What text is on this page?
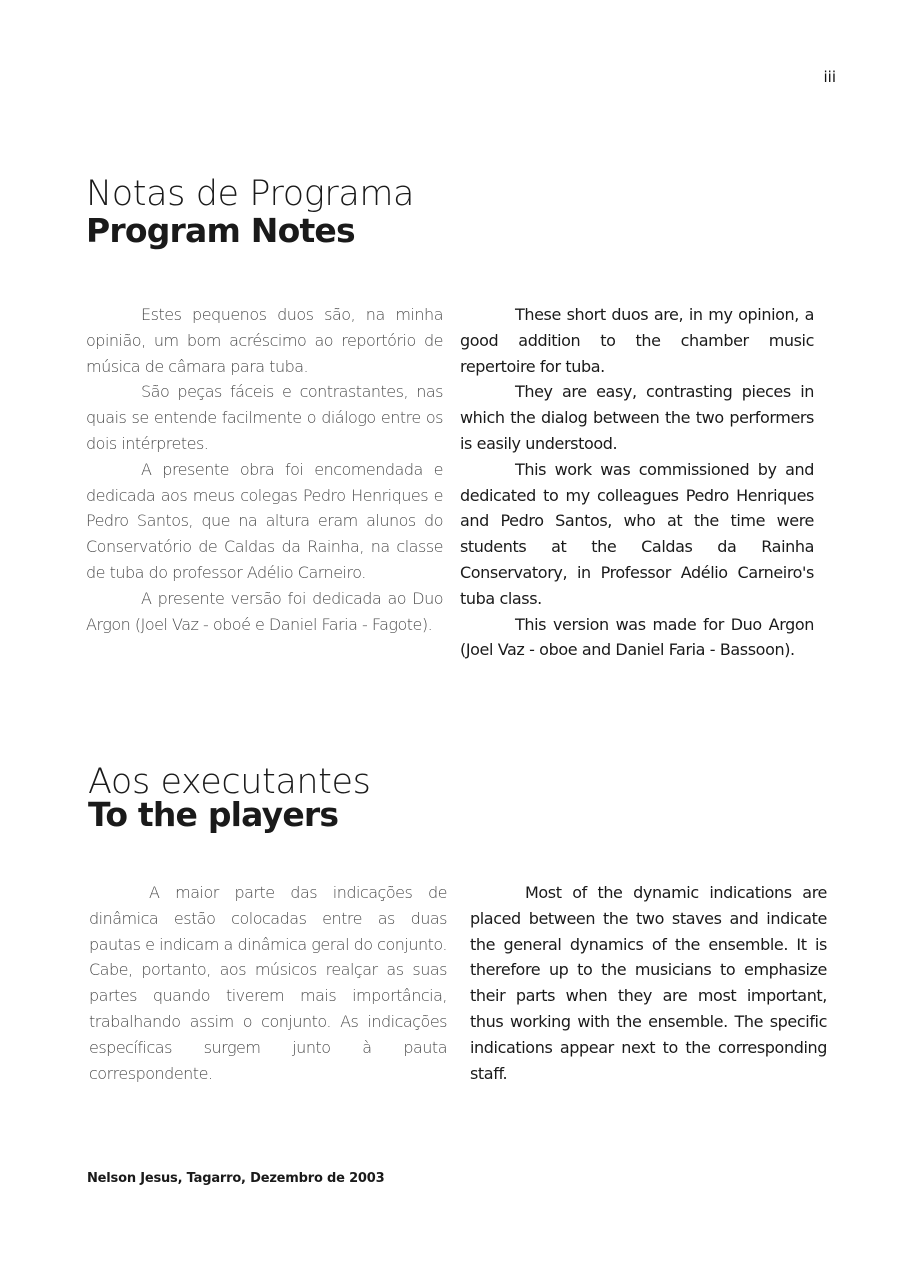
iii
Notas de Programa
Program Notes

Estes pequenos duos são, na minha opinião, um bom acréscimo ao reportório de música de câmara para tuba.

São peças fáceis e contrastantes, nas quais se entende facilmente o diálogo entre os dois intérpretes.

A presente obra foi encomendada e dedicada aos meus colegas Pedro Henriques e Pedro Santos, que na altura eram alunos do Conservatório de Caldas da Rainha, na classe de tuba do professor Adélio Carneiro.

A presente versão foi dedicada ao Duo Argon (Joel Vaz - oboé e Daniel Faria - Fagote).

These short duos are, in my opinion, a good addition to the chamber music repertoire for tuba.

They are easy, contrasting pieces in which the dialog between the two performers is easily understood.

This work was commissioned by and dedicated to my colleagues Pedro Henriques and Pedro Santos, who at the time were students at the Caldas da Rainha Conservatory, in Professor Adélio Carneiro's tuba class.

This version was made for Duo Argon (Joel Vaz - oboe and Daniel Faria - Bassoon).

Aos executantes
To the players

A maior parte das indicações de dinâmica estão colocadas entre as duas pautas e indicam a dinâmica geral do conjunto. Cabe, portanto, aos músicos realçar as suas partes quando tiverem mais importância, trabalhando assim o conjunto. As indicações específicas surgem junto à pauta correspondente.

Most of the dynamic indications are placed between the two staves and indicate the general dynamics of the ensemble. It is therefore up to the musicians to emphasize their parts when they are most important, thus working with the ensemble. The specific indications appear next to the corresponding staff.

Nelson Jesus, Tagarro, Dezembro de 2003
